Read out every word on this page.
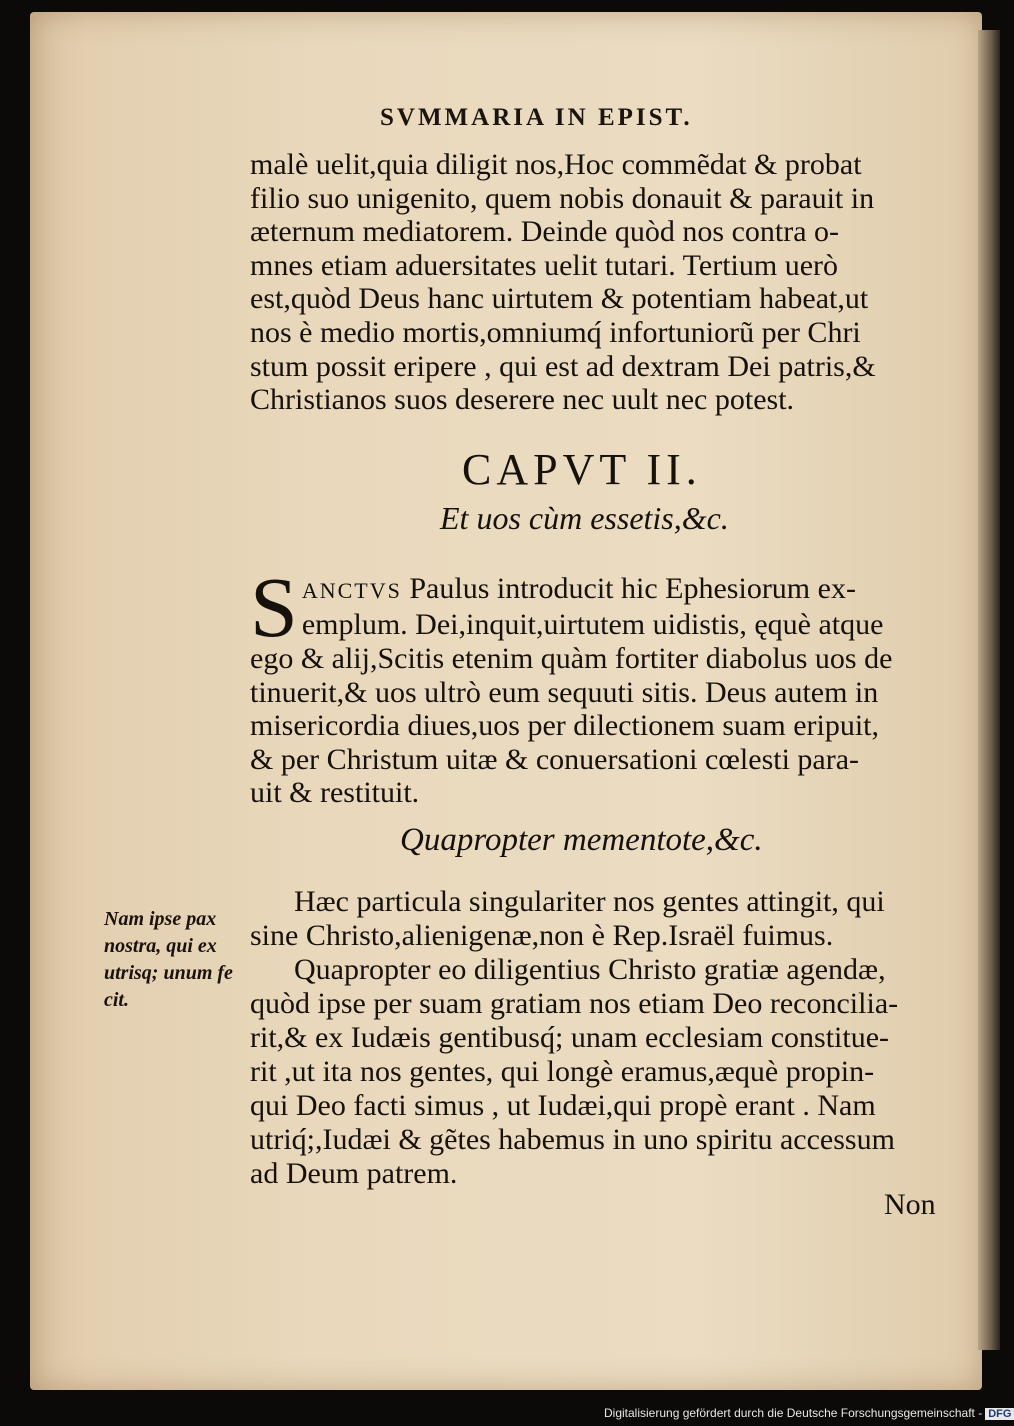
SVMMARIA IN EPIST.
malè uelit,quia diligit nos,Hoc commẽdat & probat
filio suo unigenito, quem nobis donauit & parauit in
æternum mediatorem. Deinde quòd nos contra o-
mnes etiam aduersitates uelit tutari. Tertium uerò
est,quòd Deus hanc uirtutem & potentiam habeat,ut
nos è medio mortis,omniumq́ infortuniorũ per Chri
stum possit eripere , qui est ad dextram Dei patris,&
Christianos suos deserere nec uult nec potest.
CAPVT II.
Et uos cùm essetis,&c.
S ANCTVS Paulus introducit hic Ephesiorum ex-
emplum. Dei,inquit,uirtutem uidistis, ęquè atque
ego & alij,Scitis etenim quàm fortiter diabolus uos de
tinuerit,& uos ultrò eum sequuti sitis. Deus autem in
misericordia diues,uos per dilectionem suam eripuit,
& per Christum uitæ & conuersationi cœlesti para-
uit & restituit.
Quapropter mementote,&c.
Nam ipse pax
nostra, qui ex
utrisq; unum fe
cit.
Hæc particula singulariter nos gentes attingit, qui
sine Christo,alienigenæ,non è Rep.Israël fuimus.
Quapropter eo diligentius Christo gratiæ agendæ,
quòd ipse per suam gratiam nos etiam Deo reconcilia-
rit,& ex Iudæis gentibusq́; unam ecclesiam constitue-
rit ,ut ita nos gentes, qui longè eramus,æquè propin-
qui Deo facti simus , ut Iudæi,qui propè erant . Nam
utriq́;,Iudæi & gẽtes habemus in uno spiritu accessum
ad Deum patrem.
Non
Digitalisierung gefördert durch die Deutsche Forschungsgemeinschaft - DFG
